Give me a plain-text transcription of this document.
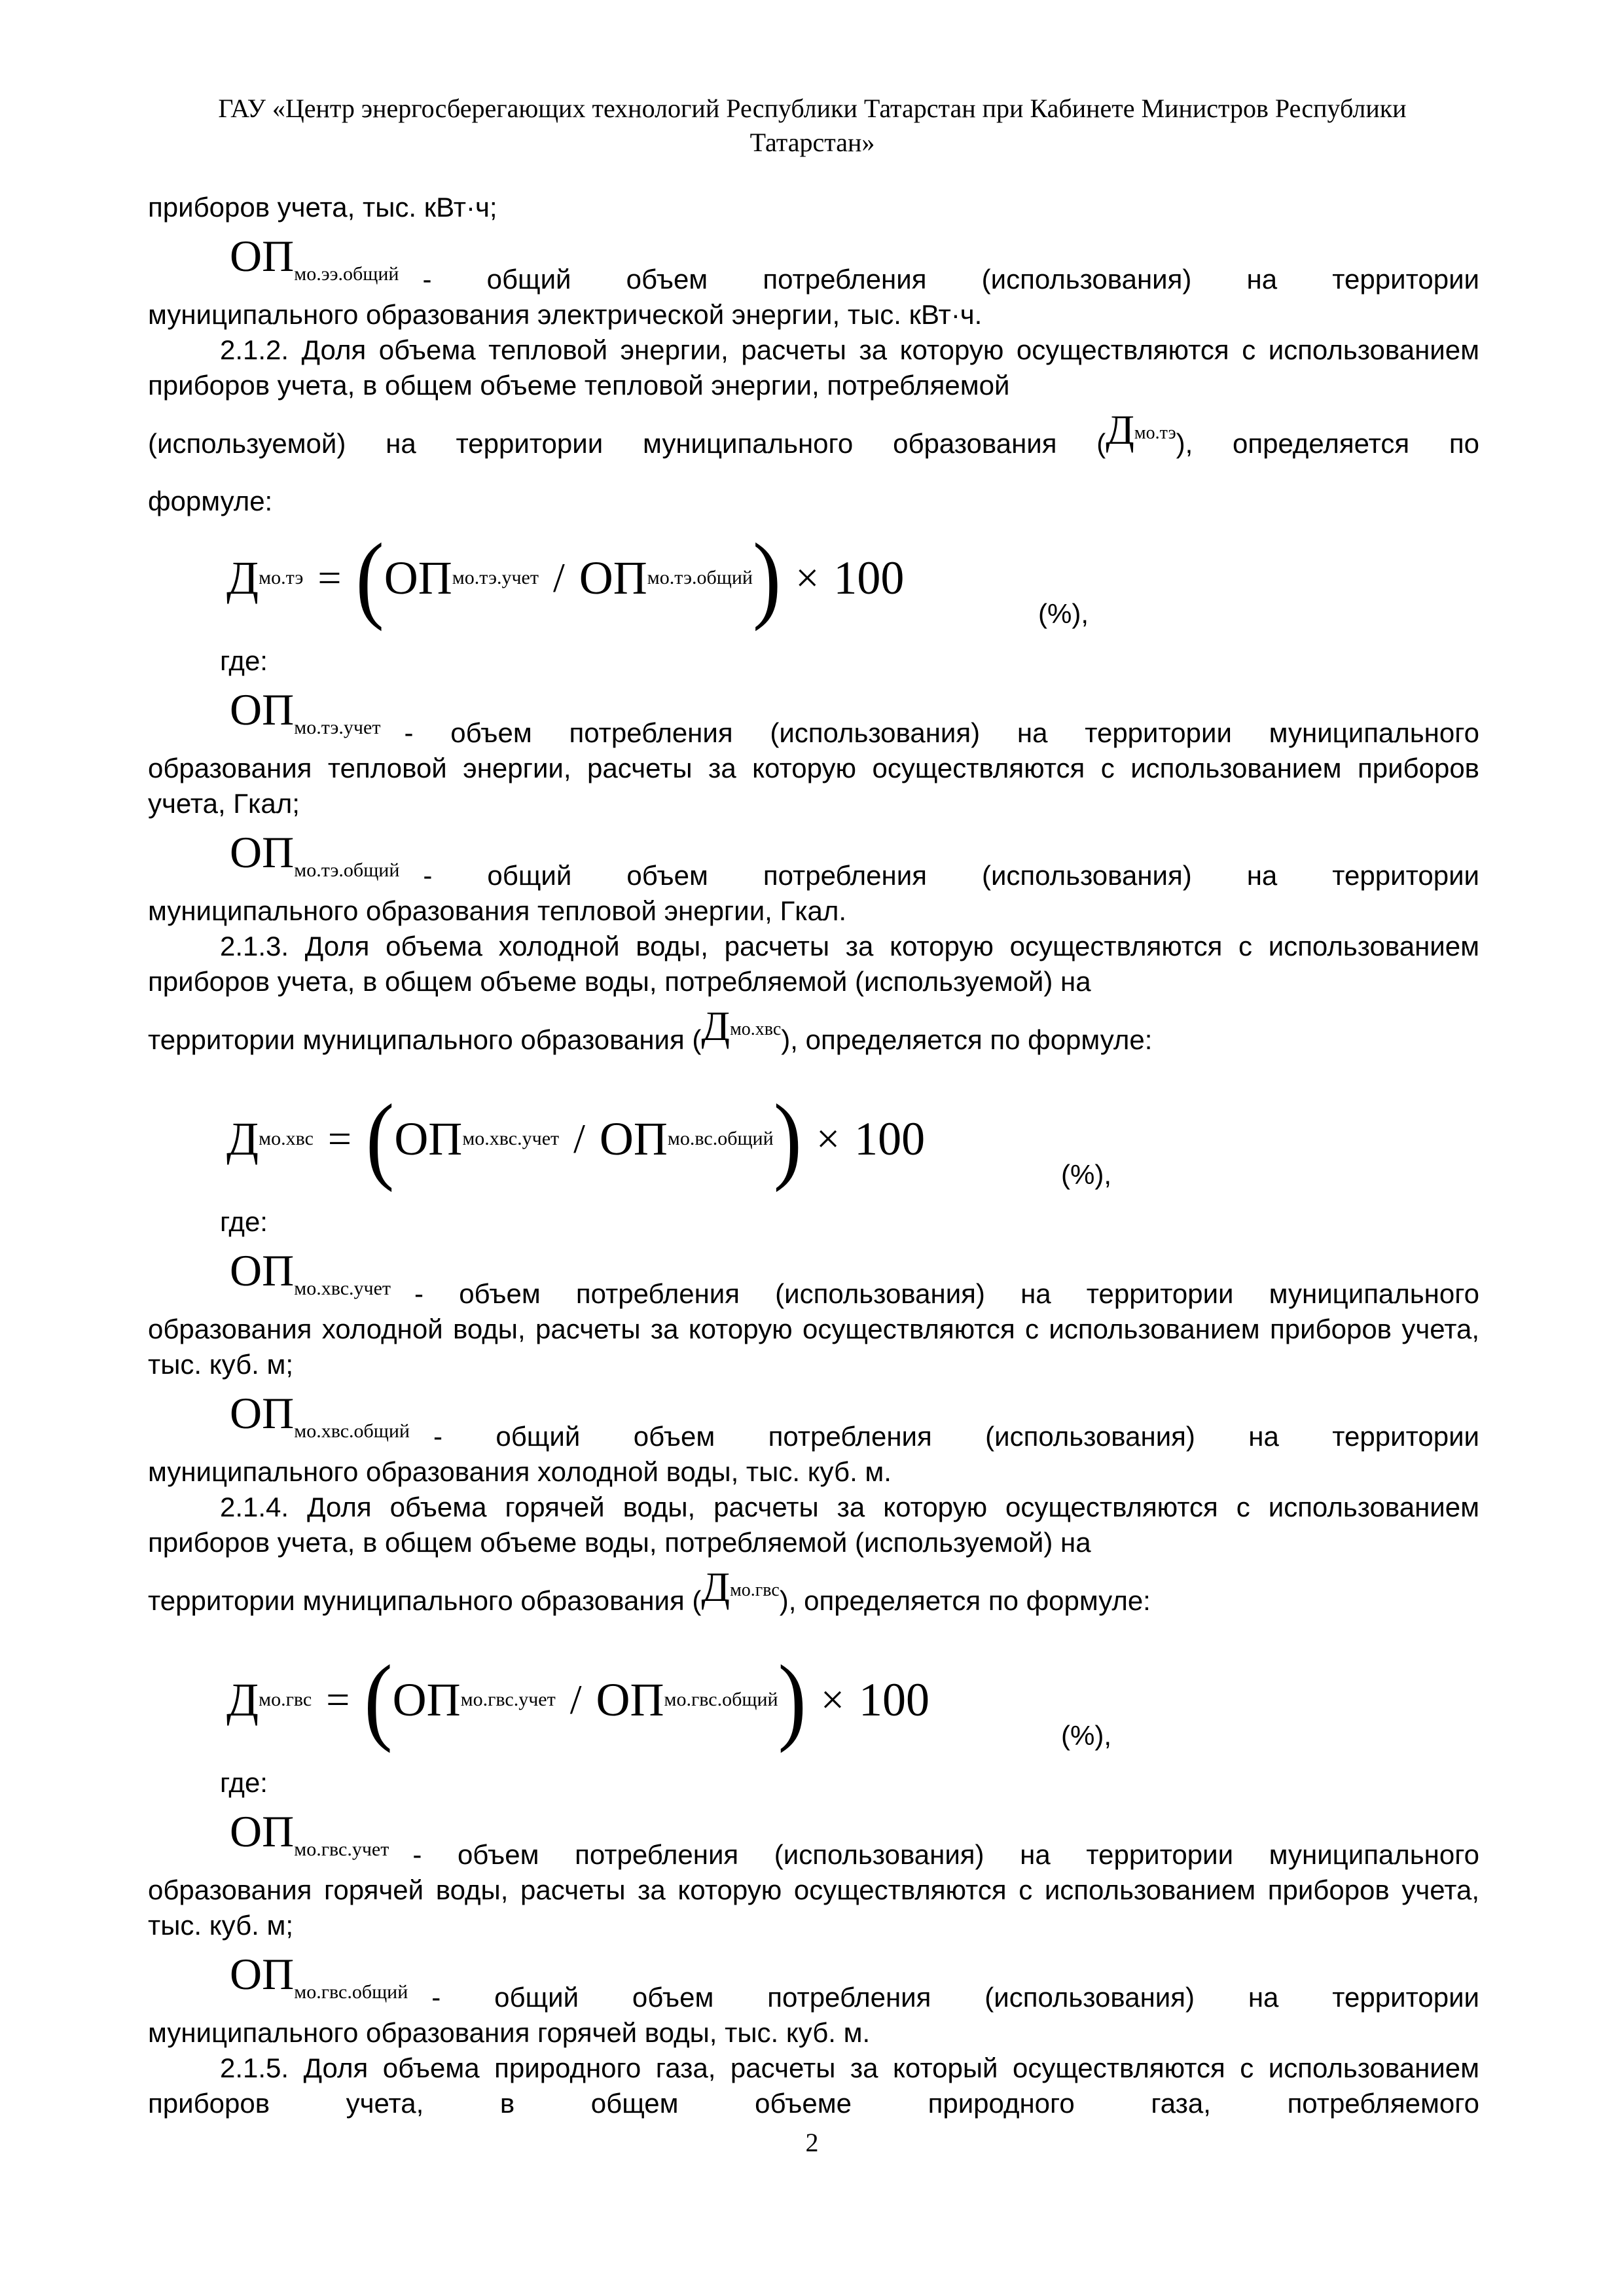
ГАУ «Центр энергосберегающих технологий Республики Татарстан при Кабинете Министров Республики
Татарстан»

приборов учета, тыс. кВт·ч;

$ОП_{мо.ээ.общий}$ - общий объем потребления (использования) на территории

муниципального образования электрической энергии, тыс. кВт·ч.

2.1.2. Доля объема тепловой энергии, расчеты за которую осуществляются с использованием приборов учета, в общем объеме тепловой энергии, потребляемой

(используемой) на территории муниципального образования $(Д^{мо.тэ})$, определяется по

формуле:

Д мо.тэ = ( ОП мо.тэ.учет / ОП мо.тэ.общий ) × 100
(%),

где:

$ОП_{мо.тэ.учет}$ - объем потребления (использования) на территории муниципального

образования тепловой энергии, расчеты за которую осуществляются с использованием приборов учета, Гкал;

$ОП_{мо.тэ.общий}$ - общий объем потребления (использования) на территории

муниципального образования тепловой энергии, Гкал.

2.1.3. Доля объема холодной воды, расчеты за которую осуществляются с использованием приборов учета, в общем объеме воды, потребляемой (используемой) на

территории муниципального образования $(Д^{мо.хвс})$, определяется по формуле:

Д мо.хвс = ( ОП мо.хвс.учет / ОП мо.вс.общий ) × 100
(%),

где:

$ОП_{мо.хвс.учет}$ - объем потребления (использования) на территории муниципального

образования холодной воды, расчеты за которую осуществляются с использованием приборов учета, тыс. куб. м;

$ОП_{мо.хвс.общий}$ - общий объем потребления (использования) на территории

муниципального образования холодной воды, тыс. куб. м.

2.1.4. Доля объема горячей воды, расчеты за которую осуществляются с использованием приборов учета, в общем объеме воды, потребляемой (используемой) на

территории муниципального образования $(Д^{мо.гвс})$, определяется по формуле:

Д мо.гвс = ( ОП мо.гвс.учет / ОП мо.гвс.общий ) × 100
(%),

где:

$ОП_{мо.гвс.учет}$ - объем потребления (использования) на территории муниципального

образования горячей воды, расчеты за которую осуществляются с использованием приборов учета, тыс. куб. м;

$ОП_{мо.гвс.общий}$ - общий объем потребления (использования) на территории

муниципального образования горячей воды, тыс. куб. м.

2.1.5. Доля объема природного газа, расчеты за который осуществляются с использованием приборов учета, в общем объеме природного газа, потребляемого

2
